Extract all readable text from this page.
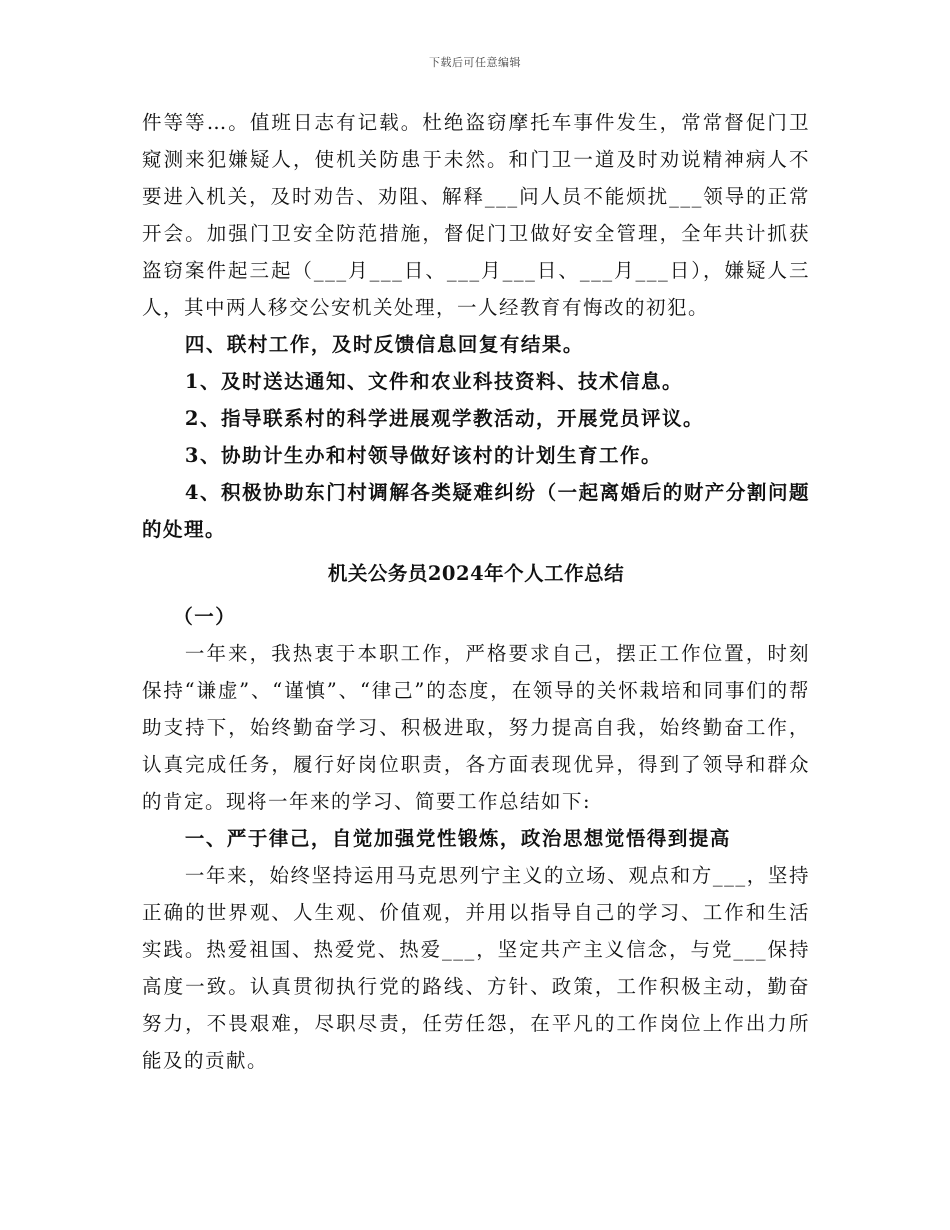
下载后可任意编辑

件等等…。值班日志有记载。杜绝盗窃摩托车事件发生，常常督促门卫窥测来犯嫌疑人，使机关防患于未然。和门卫一道及时劝说精神病人不要进入机关，及时劝告、劝阻、解释___问人员不能烦扰___领导的正常开会。加强门卫安全防范措施，督促门卫做好安全管理，全年共计抓获盗窃案件起三起（___月___日、___月___日、___月___日），嫌疑人三人，其中两人移交公安机关处理，一人经教育有悔改的初犯。

四、联村工作，及时反馈信息回复有结果。

1、及时送达通知、文件和农业科技资料、技术信息。

2、指导联系村的科学进展观学教活动，开展党员评议。

3、协助计生办和村领导做好该村的计划生育工作。

4、积极协助东门村调解各类疑难纠纷（一起离婚后的财产分割问题的处理。

机关公务员2024年个人工作总结

（一）

一年来，我热衷于本职工作，严格要求自己，摆正工作位置，时刻保持“谦虚”、“谨慎”、“律己”的态度，在领导的关怀栽培和同事们的帮助支持下，始终勤奋学习、积极进取，努力提高自我，始终勤奋工作，认真完成任务，履行好岗位职责，各方面表现优异，得到了领导和群众的肯定。现将一年来的学习、简要工作总结如下:

一、严于律己，自觉加强党性锻炼，政治思想觉悟得到提高

一年来，始终坚持运用马克思列宁主义的立场、观点和方___，坚持正确的世界观、人生观、价值观，并用以指导自己的学习、工作和生活实践。热爱祖国、热爱党、热爱___，坚定共产主义信念，与党___保持高度一致。认真贯彻执行党的路线、方针、政策，工作积极主动，勤奋努力，不畏艰难，尽职尽责，任劳任怨，在平凡的工作岗位上作出力所能及的贡献。
